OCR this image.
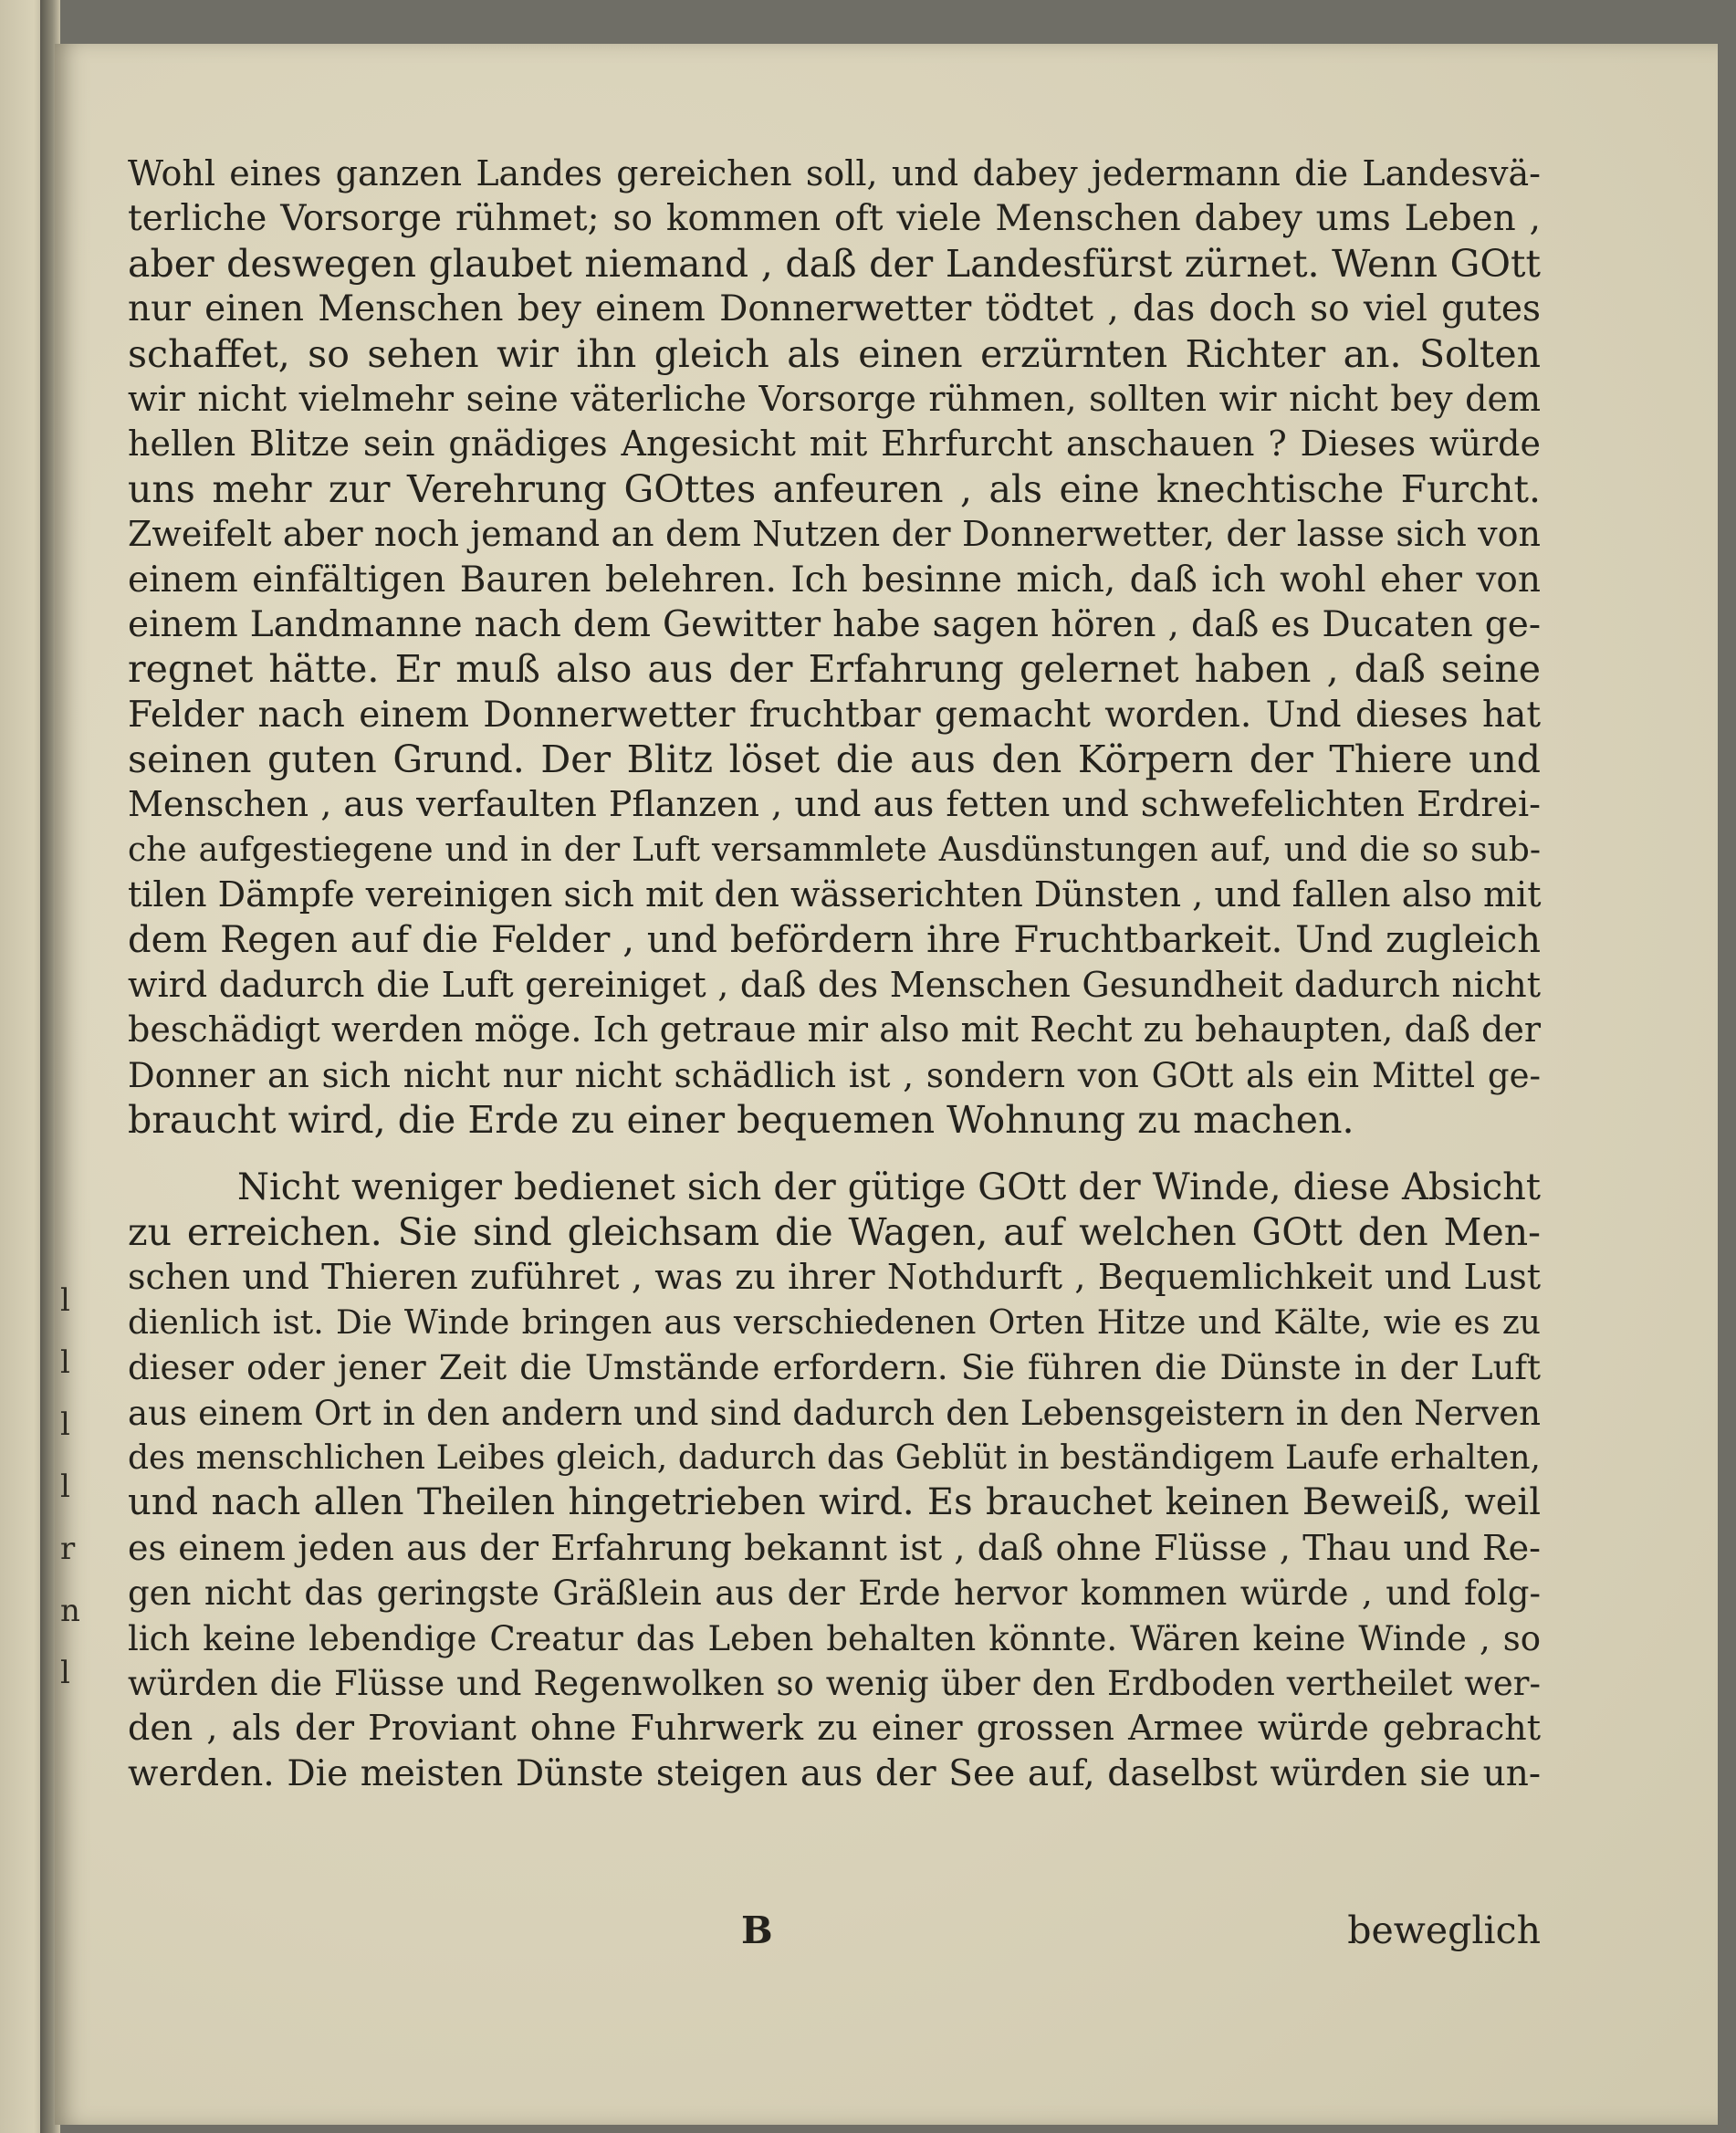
l
l
l
l
r
n
l
Wohl eines ganzen Landes gereichen soll, und dabey jedermann die Landesvä-
terliche Vorsorge rühmet; so kommen oft viele Menschen dabey ums Leben ,
aber deswegen glaubet niemand , daß der Landesfürst zürnet. Wenn GOtt
nur einen Menschen bey einem Donnerwetter tödtet , das doch so viel gutes
schaffet, so sehen wir ihn gleich als einen erzürnten Richter an. Solten
wir nicht vielmehr seine väterliche Vorsorge rühmen, sollten wir nicht bey dem
hellen Blitze sein gnädiges Angesicht mit Ehrfurcht anschauen ? Dieses würde
uns mehr zur Verehrung GOttes anfeuren , als eine knechtische Furcht.
Zweifelt aber noch jemand an dem Nutzen der Donnerwetter, der lasse sich von
einem einfältigen Bauren belehren. Ich besinne mich, daß ich wohl eher von
einem Landmanne nach dem Gewitter habe sagen hören , daß es Ducaten ge-
regnet hätte. Er muß also aus der Erfahrung gelernet haben , daß seine
Felder nach einem Donnerwetter fruchtbar gemacht worden. Und dieses hat
seinen guten Grund. Der Blitz löset die aus den Körpern der Thiere und
Menschen , aus verfaulten Pflanzen , und aus fetten und schwefelichten Erdrei-
che aufgestiegene und in der Luft versammlete Ausdünstungen auf, und die so sub-
tilen Dämpfe vereinigen sich mit den wässerichten Dünsten , und fallen also mit
dem Regen auf die Felder , und befördern ihre Fruchtbarkeit. Und zugleich
wird dadurch die Luft gereiniget , daß des Menschen Gesundheit dadurch nicht
beschädigt werden möge. Ich getraue mir also mit Recht zu behaupten, daß der
Donner an sich nicht nur nicht schädlich ist , sondern von GOtt als ein Mittel ge-
braucht wird, die Erde zu einer bequemen Wohnung zu machen.
Nicht weniger bedienet sich der gütige GOtt der Winde, diese Absicht
zu erreichen. Sie sind gleichsam die Wagen, auf welchen GOtt den Men-
schen und Thieren zuführet , was zu ihrer Nothdurft , Bequemlichkeit und Lust
dienlich ist. Die Winde bringen aus verschiedenen Orten Hitze und Kälte, wie es zu
dieser oder jener Zeit die Umstände erfordern. Sie führen die Dünste in der Luft
aus einem Ort in den andern und sind dadurch den Lebensgeistern in den Nerven
des menschlichen Leibes gleich, dadurch das Geblüt in beständigem Laufe erhalten,
und nach allen Theilen hingetrieben wird. Es brauchet keinen Beweiß, weil
es einem jeden aus der Erfahrung bekannt ist , daß ohne Flüsse , Thau und Re-
gen nicht das geringste Gräßlein aus der Erde hervor kommen würde , und folg-
lich keine lebendige Creatur das Leben behalten könnte. Wären keine Winde , so
würden die Flüsse und Regenwolken so wenig über den Erdboden vertheilet wer-
den , als der Proviant ohne Fuhrwerk zu einer grossen Armee würde gebracht
werden. Die meisten Dünste steigen aus der See auf, daselbst würden sie un-
B	beweglich
